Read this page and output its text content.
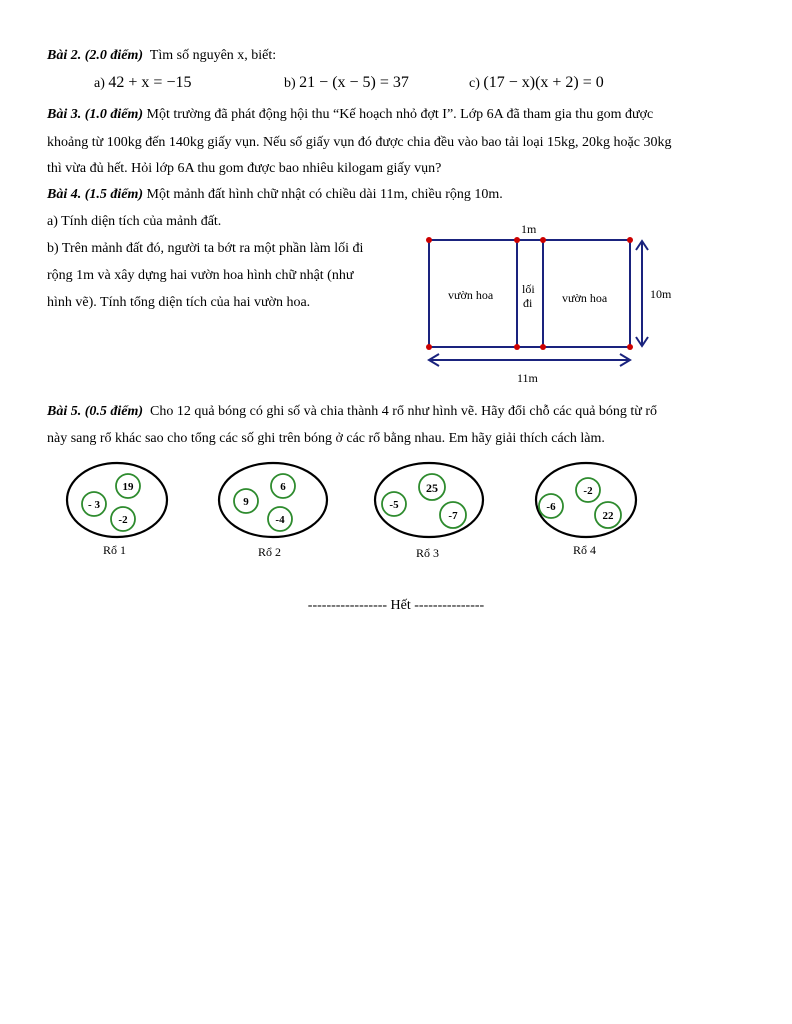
Bài 2. (2.0 điểm) Tìm số nguyên x, biết:
a) 42 + x = −15	b) 21 − (x − 5) = 37	c) (17 − x)(x + 2) = 0
Bài 3. (1.0 điểm) Một trường đã phát động hội thu “Kế hoạch nhỏ đợt I”. Lớp 6A đã tham gia thu gom được
khoảng từ 100kg đến 140kg giấy vụn. Nếu số giấy vụn đó được chia đều vào bao tải loại 15kg, 20kg hoặc 30kg
thì vừa đủ hết. Hỏi lớp 6A thu gom được bao nhiêu kilogam giấy vụn?
Bài 4. (1.5 điểm) Một mảnh đất hình chữ nhật có chiều dài 11m, chiều rộng 10m.
a) Tính diện tích của mảnh đất.
b) Trên mảnh đất đó, người ta bớt ra một phần làm lối đi
rộng 1m và xây dựng hai vườn hoa hình chữ nhật (như
hình vẽ). Tính tổng diện tích của hai vườn hoa.
1m
vườn hoa lối
đi vườn hoa	10m
11m
Bài 5. (0.5 điểm) Cho 12 quả bóng có ghi số và chia thành 4 rổ như hình vẽ. Hãy đổi chỗ các quả bóng từ rổ
này sang rổ khác sao cho tổng các số ghi trên bóng ở các rổ bằng nhau. Em hãy giải thích cách làm.
- 3
19
-2
9
6
-4
-5
25
-7
-6
-2
22
Rổ 1	Rổ 2	Rổ 3	Rổ 4
----------------- Hết ---------------
